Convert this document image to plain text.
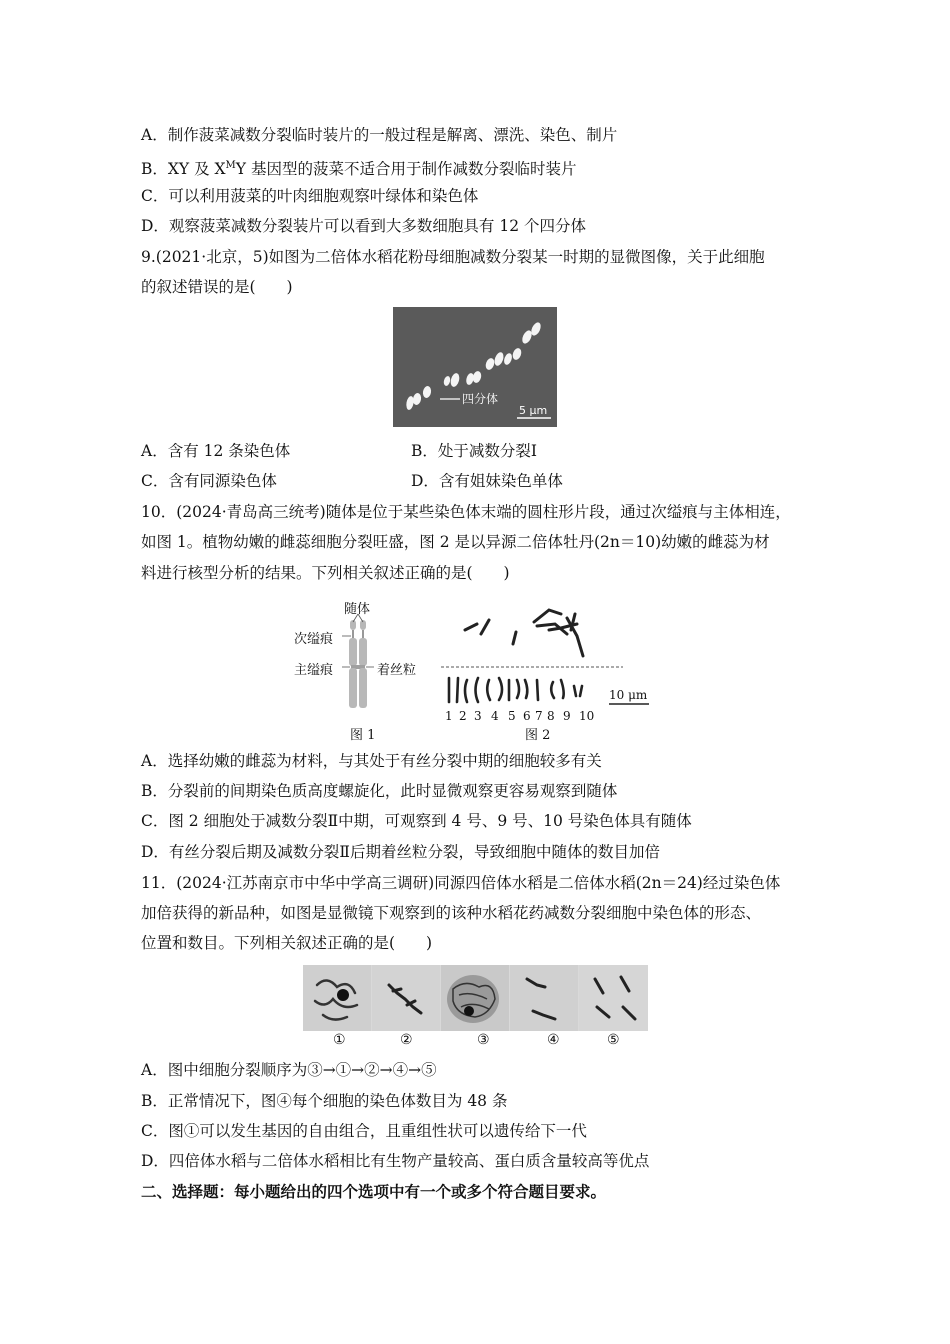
A．制作菠菜减数分裂临时装片的一般过程是解离、漂洗、染色、制片
B．XY 及 $X^MY$ 基因型的菠菜不适合用于制作减数分裂临时装片
C．可以利用菠菜的叶肉细胞观察叶绿体和染色体
D．观察菠菜减数分裂装片可以看到大多数细胞具有 12 个四分体
9.(2021·北京，5)如图为二倍体水稻花粉母细胞减数分裂某一时期的显微图像，关于此细胞
的叙述错误的是(　　)
四分体
5 μm
A．含有 12 条染色体	B．处于减数分裂Ⅰ
C．含有同源染色体	D．含有姐妹染色单体
10．(2024·青岛高三统考)随体是位于某些染色体末端的圆柱形片段，通过次缢痕与主体相连，
如图 1。植物幼嫩的雌蕊细胞分裂旺盛，图 2 是以异源二倍体牡丹(2n＝10)幼嫩的雌蕊为材
料进行核型分析的结果。下列相关叙述正确的是(　　)
随体
次缢痕
主缢痕	着丝粒
图 1
10 μm
1 2 3 4 5 6 7 8 9 10
图 2
A．选择幼嫩的雌蕊为材料，与其处于有丝分裂中期的细胞较多有关
B．分裂前的间期染色质高度螺旋化，此时显微观察更容易观察到随体
C．图 2 细胞处于减数分裂Ⅱ中期，可观察到 4 号、9 号、10 号染色体具有随体
D．有丝分裂后期及减数分裂Ⅱ后期着丝粒分裂，导致细胞中随体的数目加倍
11．(2024·江苏南京市中华中学高三调研)同源四倍体水稻是二倍体水稻(2n＝24)经过染色体
加倍获得的新品种，如图是显微镜下观察到的该种水稻花药减数分裂细胞中染色体的形态、
位置和数目。下列相关叙述正确的是(　　)
①	②	③	④	⑤
A．图中细胞分裂顺序为③→①→②→④→⑤
B．正常情况下，图④每个细胞的染色体数目为 48 条
C．图①可以发生基因的自由组合，且重组性状可以遗传给下一代
D．四倍体水稻与二倍体水稻相比有生物产量较高、蛋白质含量较高等优点
二、选择题：每小题给出的四个选项中有一个或多个符合题目要求。
